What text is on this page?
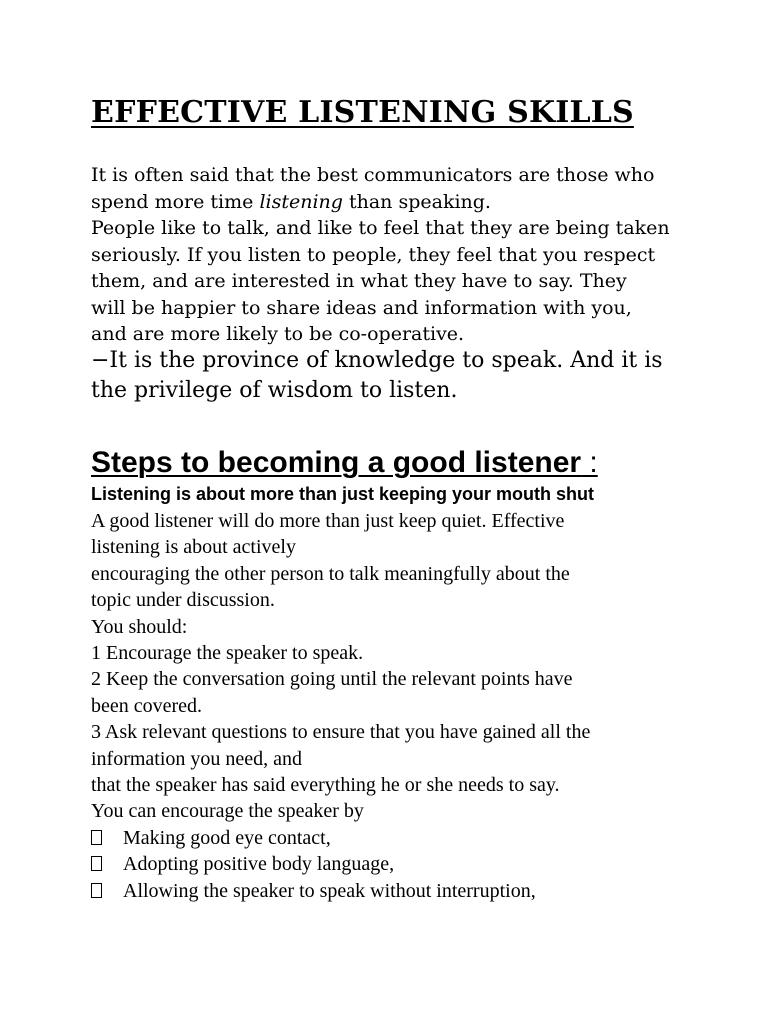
EFFECTIVE LISTENING SKILLS

It is often said that the best communicators are those who

spend more time listening than speaking.

People like to talk, and like to feel that they are being taken

seriously. If you listen to people, they feel that you respect

them, and are interested in what they have to say. They

will be happier to share ideas and information with you,

and are more likely to be co-operative.

−It is the province of knowledge to speak. And it is

the privilege of wisdom to listen.

Steps to becoming a good listener :
Listening is about more than just keeping your mouth shut

A good listener will do more than just keep quiet. Effective

listening is about actively

encouraging the other person to talk meaningfully about the

topic under discussion.

You should:

1 Encourage the speaker to speak.

2 Keep the conversation going until the relevant points have

been covered.

3 Ask relevant questions to ensure that you have gained all the

information you need, and

that the speaker has said everything he or she needs to say.

You can encourage the speaker by

Making good eye contact,
Adopting positive body language,
Allowing the speaker to speak without interruption,
